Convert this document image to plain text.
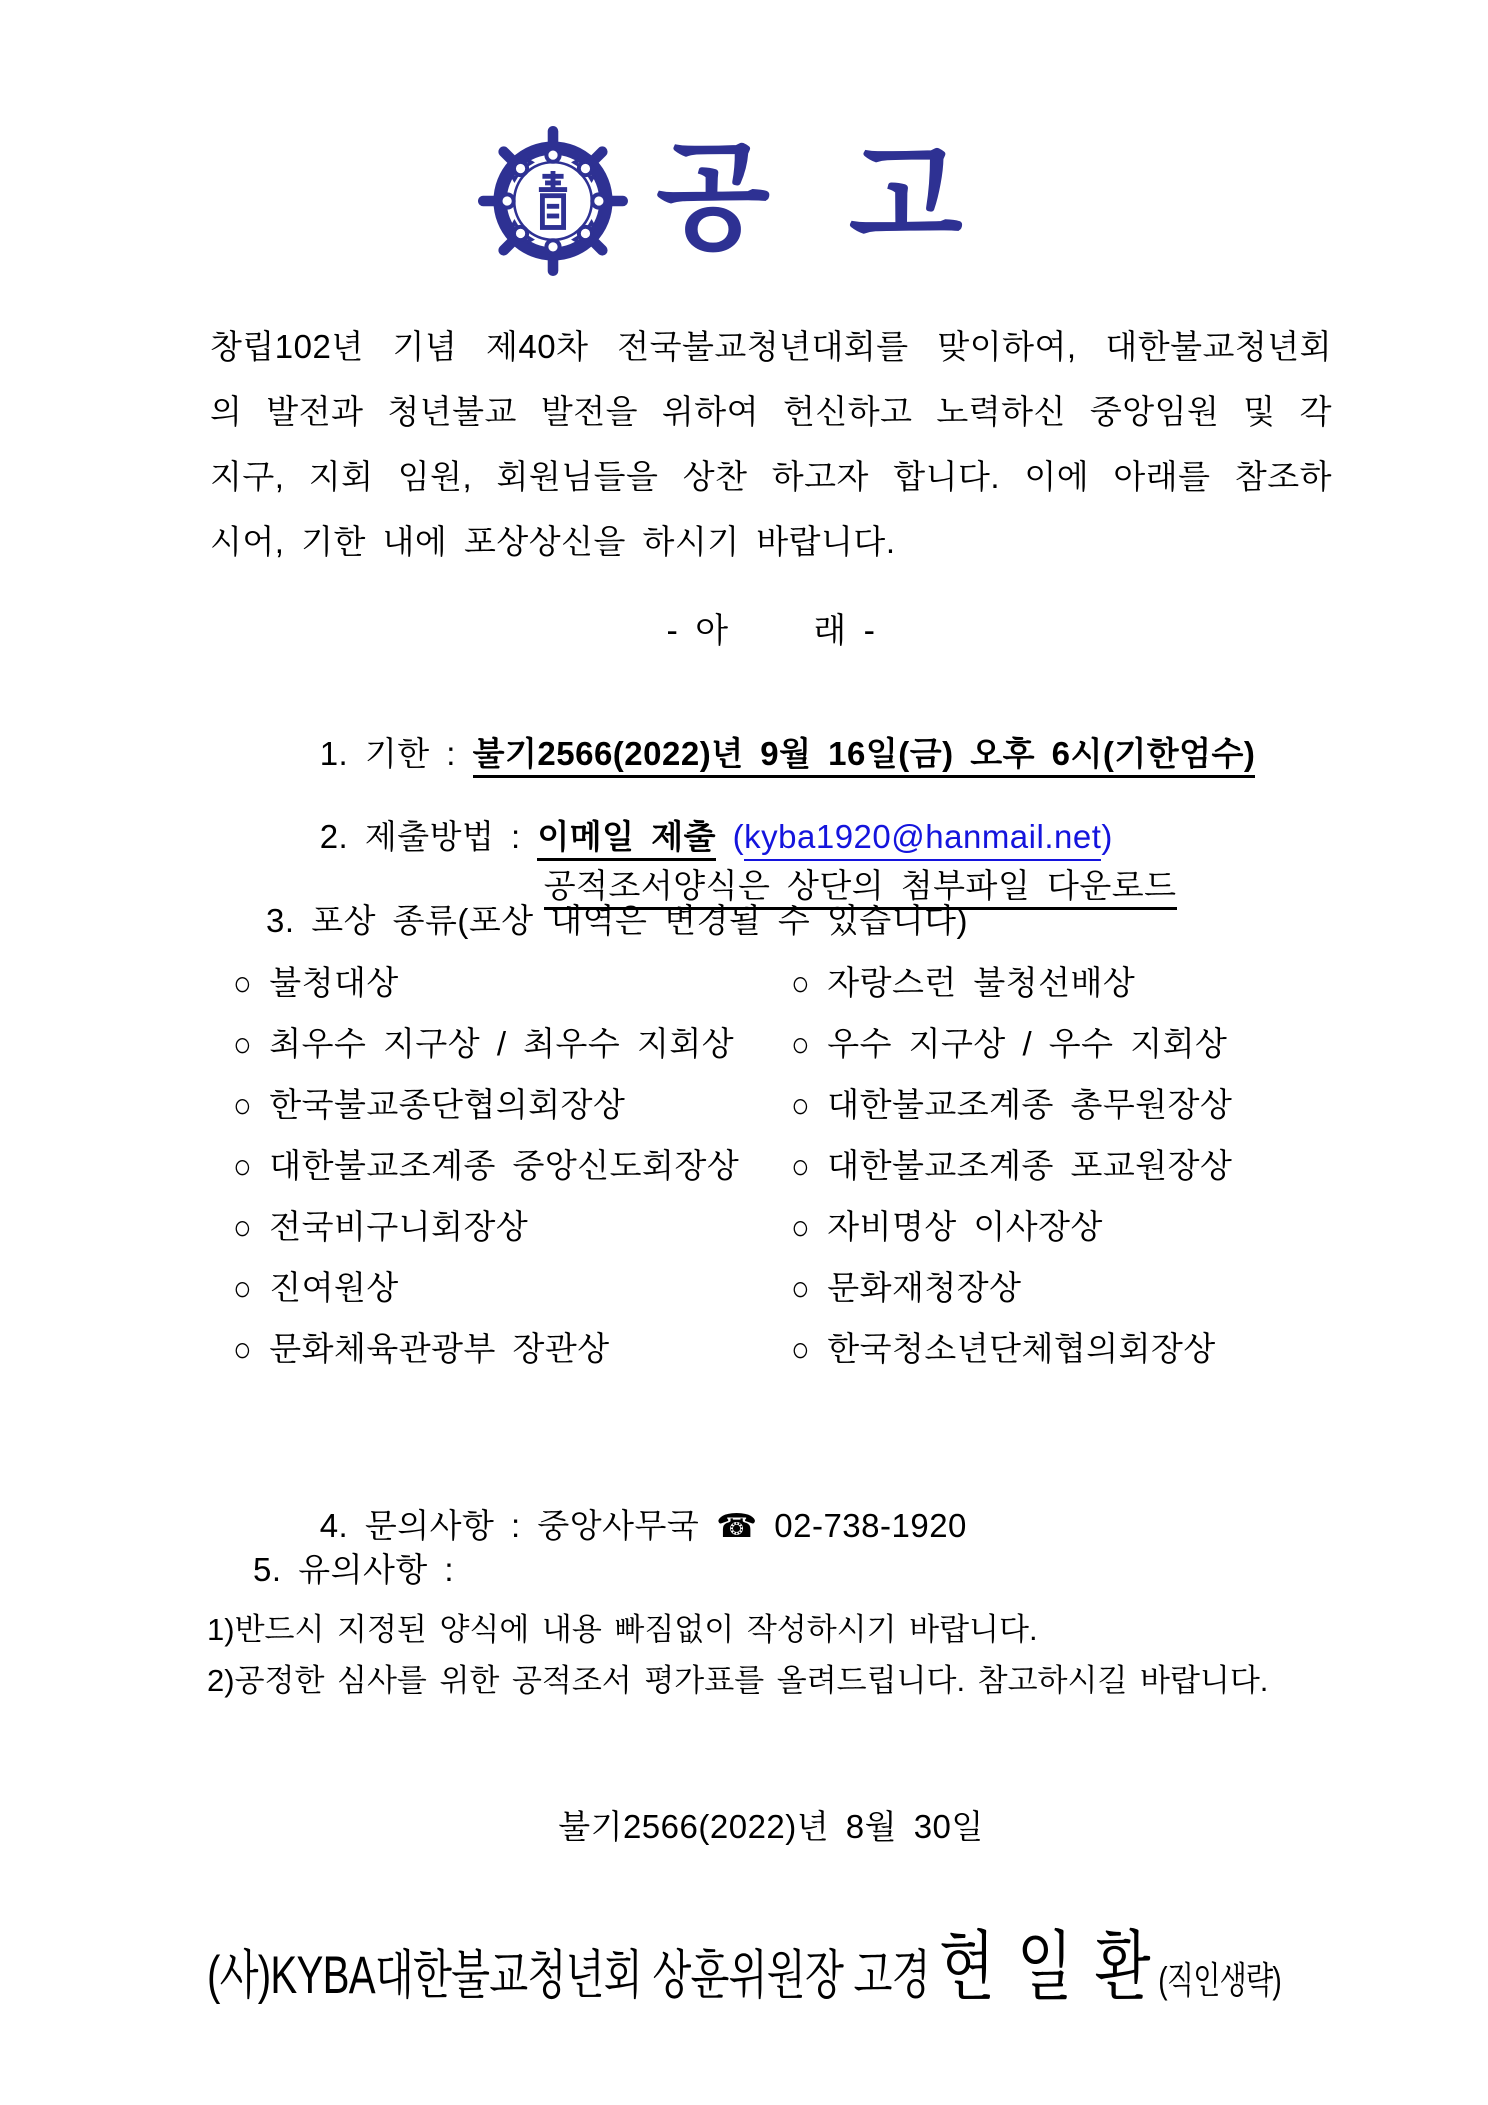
공 고
창립102년 기념 제40차 전국불교청년대회를 맞이하여, 대한불교청년회
의 발전과 청년불교 발전을 위하여 헌신하고 노력하신 중앙임원 및 각
지구, 지회 임원, 회원님들을 상찬 하고자 합니다. 이에 아래를 참조하
시어, 기한 내에 포상상신을 하시기 바랍니다.
- 아     래 -

1. 기한 : 불기2566(2022)년 9월 16일(금) 오후 6시(기한엄수)

2. 제출방법 : 이메일 제출 (kyba1920@hanmail.net)

공적조서양식은 상단의 첨부파일 다운로드

3. 포상 종류(포상 내역은 변경될 수 있습니다)
○ 불청대상	○ 자랑스런 불청선배상
○ 최우수 지구상 / 최우수 지회상 ○ 우수 지구상 / 우수 지회상
○ 한국불교종단협의회장상	○ 대한불교조계종 총무원장상
○ 대한불교조계종 중앙신도회장상 ○ 대한불교조계종 포교원장상
○ 전국비구니회장상	○ 자비명상 이사장상
○ 진여원상	○ 문화재청장상
○ 문화체육관광부 장관상	○ 한국청소년단체협의회장상

4. 문의사항 : 중앙사무국 ☎ 02-738-1920

5. 유의사항 :
1)반드시 지정된 양식에 내용 빠짐없이 작성하시기 바랍니다.
2)공정한 심사를 위한 공적조서 평가표를 올려드립니다. 참고하시길 바랍니다.
불기2566(2022)년 8월 30일
(사)KYBA대한불교청년회 상훈위원장 고경 현 일 환 (직인생략)
